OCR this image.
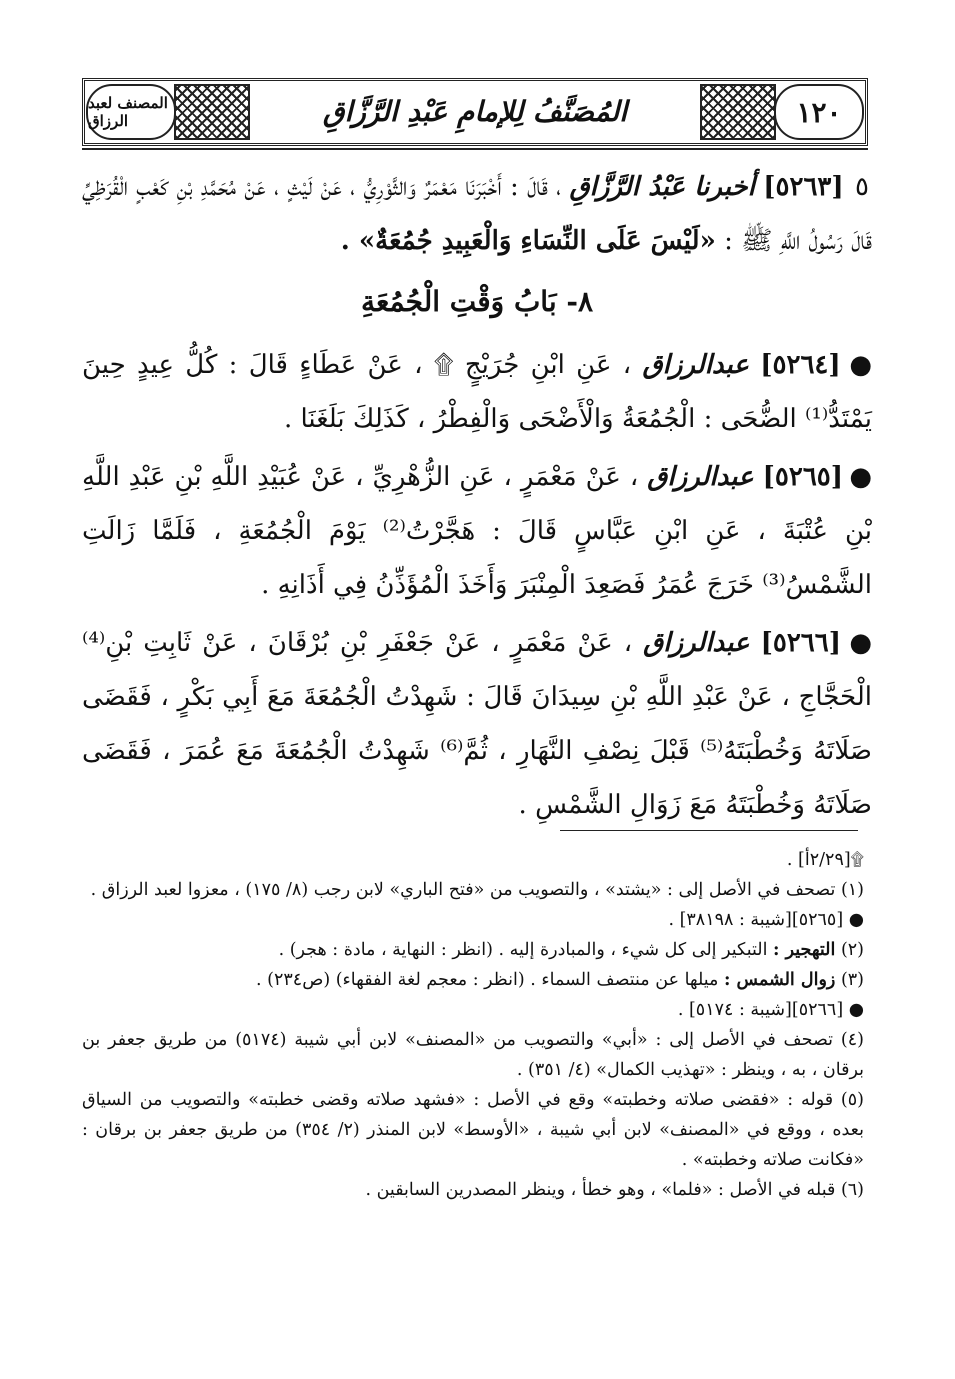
المصنف لعبد الرزاق	المُصَنَّفُ لِلإمامِ عَبْدِ الرَّزَّاقِ	١٢٠

٥ [٥٢٦٣] أخبرنا عَبْدُ الرَّزَّاقِ ، قَالَ : أَخْبَرَنَا مَعْمَرٌ وَالثَّوْرِيُّ ، عَنْ لَيْثٍ ، عَنْ مُحَمَّدِ بْنِ كَعْبٍ الْقُرَظِيِّ قَالَ رَسُولُ اللَّهِ ﷺ : «لَيْسَ عَلَى النِّسَاءِ وَالْعَبِيدِ جُمُعَةٌ» .

٨- بَابُ وَقْتِ الْجُمُعَةِ

● [٥٢٦٤] عبدالرزاق ، عَنِ ابْنِ جُرَيْجٍ ۩ ، عَنْ عَطَاءٍ قَالَ : كُلُّ عِيدٍ حِينَ يَمْتَدُّ⁽¹⁾ الضُّحَى : الْجُمُعَةُ وَالْأَضْحَى وَالْفِطْرُ ، كَذَلِكَ بَلَغَنَا .

● [٥٢٦٥] عبدالرزاق ، عَنْ مَعْمَرٍ ، عَنِ الزُّهْرِيِّ ، عَنْ عُبَيْدِ اللَّهِ بْنِ عَبْدِ اللَّهِ بْنِ عُتْبَةَ ، عَنِ ابْنِ عَبَّاسٍ قَالَ : هَجَّرْتُ⁽²⁾ يَوْمَ الْجُمُعَةِ ، فَلَمَّا زَالَتِ الشَّمْسُ⁽³⁾ خَرَجَ عُمَرُ فَصَعِدَ الْمِنْبَرَ وَأَخَذَ الْمُؤَذِّنُ فِي أَذَانِهِ .

● [٥٢٦٦] عبدالرزاق ، عَنْ مَعْمَرٍ ، عَنْ جَعْفَرِ بْنِ بُرْقَانَ ، عَنْ ثَابِتِ بْنِ⁽⁴⁾ الْحَجَّاجِ ، عَنْ عَبْدِ اللَّهِ بْنِ سِيدَانَ قَالَ : شَهِدْتُ الْجُمُعَةَ مَعَ أَبِي بَكْرٍ ، فَقَضَى صَلَاتَهُ وَخُطْبَتَهُ⁽⁵⁾ قَبْلَ نِصْفِ النَّهَارِ ، ثُمَّ⁽⁶⁾ شَهِدْتُ الْجُمُعَةَ مَعَ عُمَرَ ، فَقَضَى صَلَاتَهُ وَخُطْبَتَهُ مَعَ زَوَالِ الشَّمْسِ .

۩[٢/٢٩أ] .

(١) تصحف في الأصل إلى : «يشتد» ، والتصويب من «فتح الباري» لابن رجب (٨/ ١٧٥) ، معزوا لعبد الرزاق .

● [٥٢٦٥][شيبة : ٣٨١٩٨] .

(٢) التهجير : التبكير إلى كل شيء ، والمبادرة إليه . (انظر : النهاية ، مادة : هجر) .

(٣) زوال الشمس : ميلها عن منتصف السماء . (انظر : معجم لغة الفقهاء) (ص٢٣٤) .

● [٥٢٦٦][شيبة : ٥١٧٤] .

(٤) تصحف في الأصل إلى : «أبي» والتصويب من «المصنف» لابن أبي شيبة (٥١٧٤) من طريق جعفر بن برقان ، به ، وينظر : «تهذيب الكمال» (٤/ ٣٥١) .

(٥) قوله : «فقضى صلاته وخطبته» وقع في الأصل : «فشهد صلاته وقضى خطبته» والتصويب من السياق بعده ، ووقع في «المصنف» لابن أبي شيبة ، «الأوسط» لابن المنذر (٢/ ٣٥٤) من طريق جعفر بن برقان : «فكانت صلاته وخطبته» .

(٦) قبله في الأصل : «فلما» ، وهو خطأ ، وينظر المصدرين السابقين .
